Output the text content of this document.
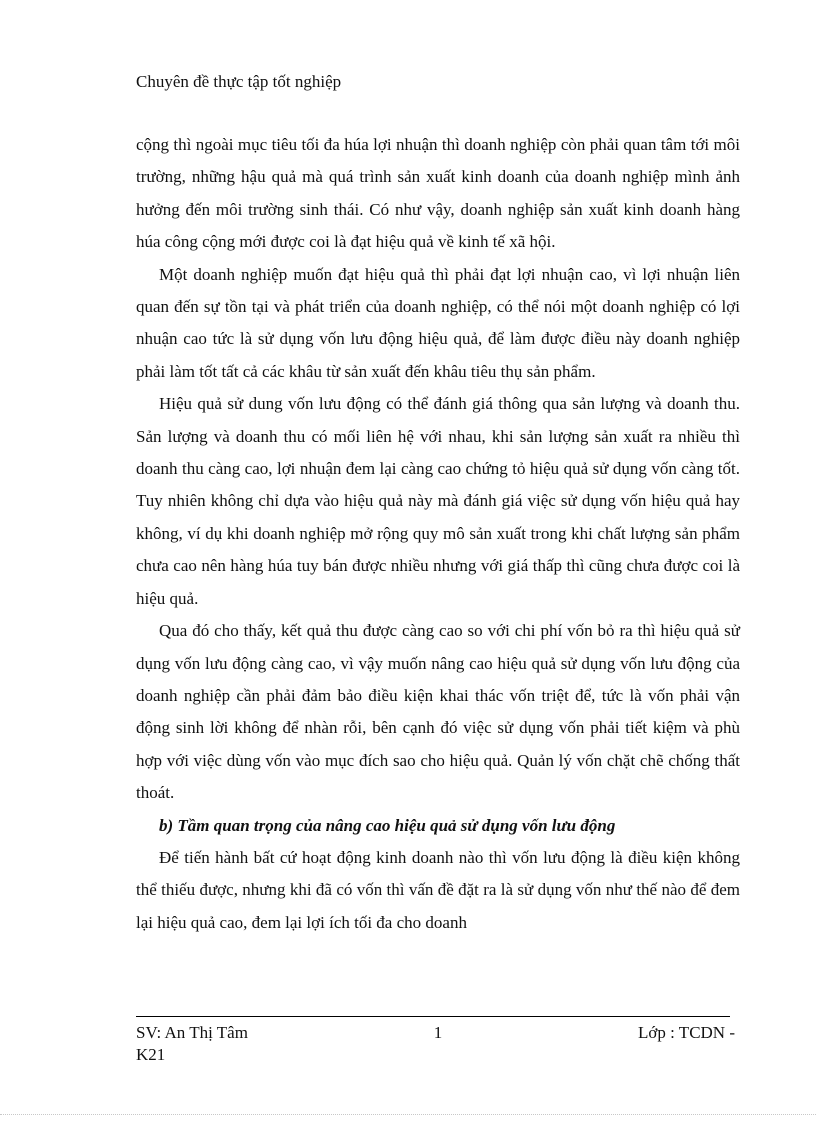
Chuyên đề thực tập tốt nghiệp

cộng thì ngoài mục tiêu tối đa húa lợi nhuận thì doanh nghiệp còn phải quan tâm tới môi trường, những hậu quả mà quá trình sản xuất kinh doanh của doanh nghiệp mình ảnh hưởng đến môi trường sinh thái. Có như vậy, doanh nghiệp sản xuất kinh doanh hàng húa công cộng mới được coi là đạt hiệu quả về kinh tế xã hội.

Một doanh nghiệp muốn đạt hiệu quả thì phải đạt lợi nhuận cao, vì lợi nhuận liên quan đến sự tồn tại và phát triển của doanh nghiệp, có thể nói một doanh nghiệp có lợi nhuận cao tức là sử dụng vốn lưu động hiệu quả, để làm được điều này doanh nghiệp phải làm tốt tất cả các khâu từ sản xuất đến khâu tiêu thụ sản phẩm.

Hiệu quả sử dung vốn lưu động có thể đánh giá thông qua sản lượng và doanh thu. Sản lượng và doanh thu có mối liên hệ với nhau, khi sản lượng sản xuất ra nhiều thì doanh thu càng cao, lợi nhuận đem lại càng cao chứng tỏ hiệu quả sử dụng vốn càng tốt. Tuy nhiên không chỉ dựa vào hiệu quả này mà đánh giá việc sử dụng vốn hiệu quả hay không, ví dụ khi doanh nghiệp mở rộng quy mô sản xuất trong khi chất lượng sản phẩm chưa cao nên hàng húa tuy bán được nhiều nhưng với giá thấp thì cũng chưa được coi là hiệu quả.

Qua đó cho thấy, kết quả thu được càng cao so với chi phí vốn bỏ ra thì hiệu quả sử dụng vốn lưu động càng cao, vì vậy muốn nâng cao hiệu quả sử dụng vốn lưu động của doanh nghiệp cần phải đảm bảo điều kiện khai thác vốn triệt để, tức là vốn phải vận động sinh lời không để nhàn rỗi, bên cạnh đó việc sử dụng vốn phải tiết kiệm và phù hợp với việc dùng vốn vào mục đích sao cho hiệu quả. Quản lý vốn chặt chẽ chống thất thoát.

b) Tầm quan trọng của nâng cao hiệu quả sử dụng vốn lưu động

Để tiến hành bất cứ hoạt động kinh doanh nào thì vốn lưu động là điều kiện không thể thiếu được, nhưng khi đã có vốn thì vấn đề đặt ra là sử dụng vốn như thế nào để đem lại hiệu quả cao, đem lại lợi ích tối đa cho doanh

SV: An Thị Tâm
K21
1	Lớp : TCDN -
